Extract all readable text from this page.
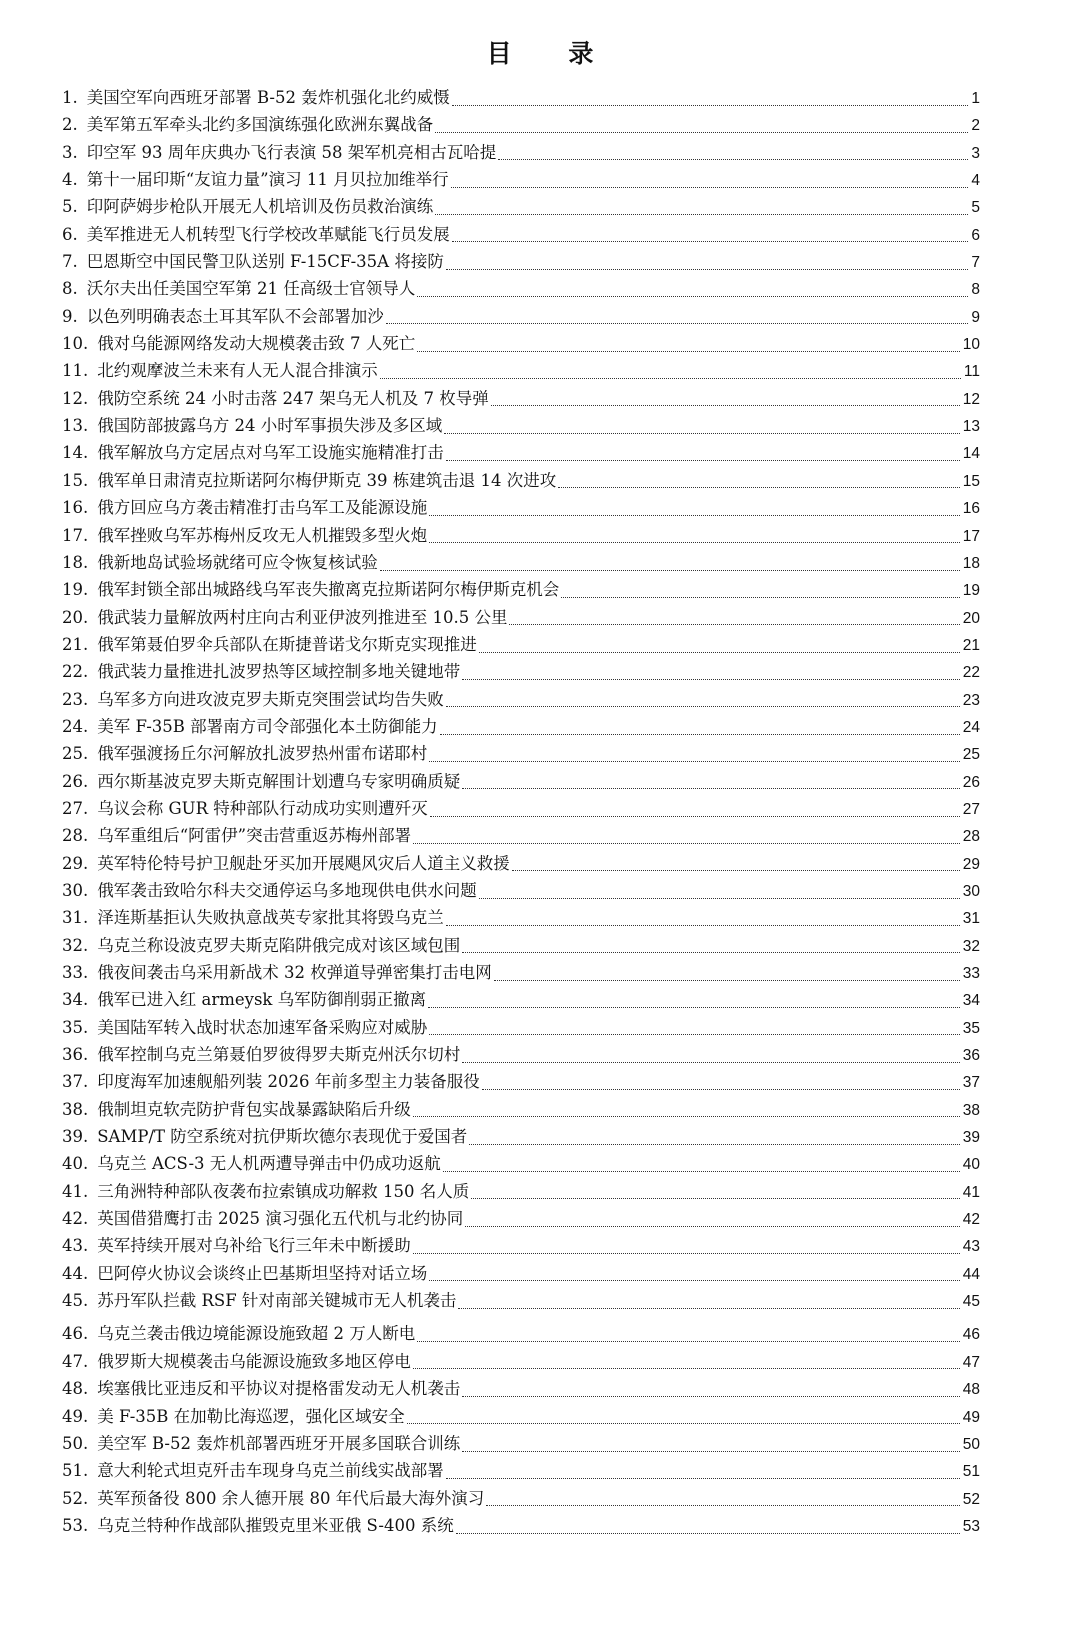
目 录
1. 美国空军向西班牙部署 B-52 轰炸机强化北约威慑	1
2. 美军第五军牵头北约多国演练强化欧洲东翼战备	2
3. 印空军 93 周年庆典办飞行表演 58 架军机亮相古瓦哈提	3
4. 第十一届印斯“友谊力量”演习 11 月贝拉加维举行	4
5. 印阿萨姆步枪队开展无人机培训及伤员救治演练	5
6. 美军推进无人机转型飞行学校改革赋能飞行员发展	6
7. 巴恩斯空中国民警卫队送别 F-15CF-35A 将接防	7
8. 沃尔夫出任美国空军第 21 任高级士官领导人	8
9. 以色列明确表态土耳其军队不会部署加沙	9
10. 俄对乌能源网络发动大规模袭击致 7 人死亡	10
11. 北约观摩波兰未来有人无人混合排演示	11
12. 俄防空系统 24 小时击落 247 架乌无人机及 7 枚导弹	12
13. 俄国防部披露乌方 24 小时军事损失涉及多区域	13
14. 俄军解放乌方定居点对乌军工设施实施精准打击	14
15. 俄军单日肃清克拉斯诺阿尔梅伊斯克 39 栋建筑击退 14 次进攻	15
16. 俄方回应乌方袭击精准打击乌军工及能源设施	16
17. 俄军挫败乌军苏梅州反攻无人机摧毁多型火炮	17
18. 俄新地岛试验场就绪可应令恢复核试验	18
19. 俄军封锁全部出城路线乌军丧失撤离克拉斯诺阿尔梅伊斯克机会	19
20. 俄武装力量解放两村庄向古利亚伊波列推进至 10.5 公里	20
21. 俄军第聂伯罗伞兵部队在斯捷普诺戈尔斯克实现推进	21
22. 俄武装力量推进扎波罗热等区域控制多地关键地带	22
23. 乌军多方向进攻波克罗夫斯克突围尝试均告失败	23
24. 美军 F-35B 部署南方司令部强化本土防御能力	24
25. 俄军强渡扬丘尔河解放扎波罗热州雷布诺耶村	25
26. 西尔斯基波克罗夫斯克解围计划遭乌专家明确质疑	26
27. 乌议会称 GUR 特种部队行动成功实则遭歼灭	27
28. 乌军重组后“阿雷伊”突击营重返苏梅州部署	28
29. 英军特伦特号护卫舰赴牙买加开展飓风灾后人道主义救援	29
30. 俄军袭击致哈尔科夫交通停运乌多地现供电供水问题	30
31. 泽连斯基拒认失败执意战英专家批其将毁乌克兰	31
32. 乌克兰称设波克罗夫斯克陷阱俄完成对该区域包围	32
33. 俄夜间袭击乌采用新战术 32 枚弹道导弹密集打击电网	33
34. 俄军已进入红 armeysk 乌军防御削弱正撤离	34
35. 美国陆军转入战时状态加速军备采购应对威胁	35
36. 俄军控制乌克兰第聂伯罗彼得罗夫斯克州沃尔切村	36
37. 印度海军加速舰船列装 2026 年前多型主力装备服役	37
38. 俄制坦克软壳防护背包实战暴露缺陷后升级	38
39. SAMP/T 防空系统对抗伊斯坎德尔表现优于爱国者	39
40. 乌克兰 ACS-3 无人机两遭导弹击中仍成功返航	40
41. 三角洲特种部队夜袭布拉索镇成功解救 150 名人质	41
42. 英国借猎鹰打击 2025 演习强化五代机与北约协同	42
43. 英军持续开展对乌补给飞行三年未中断援助	43
44. 巴阿停火协议会谈终止巴基斯坦坚持对话立场	44
45. 苏丹军队拦截 RSF 针对南部关键城市无人机袭击	45
46. 乌克兰袭击俄边境能源设施致超 2 万人断电	46
47. 俄罗斯大规模袭击乌能源设施致多地区停电	47
48. 埃塞俄比亚违反和平协议对提格雷发动无人机袭击	48
49. 美 F-35B 在加勒比海巡逻，强化区域安全	49
50. 美空军 B-52 轰炸机部署西班牙开展多国联合训练	50
51. 意大利轮式坦克歼击车现身乌克兰前线实战部署	51
52. 英军预备役 800 余人德开展 80 年代后最大海外演习	52
53. 乌克兰特种作战部队摧毁克里米亚俄 S-400 系统	53
